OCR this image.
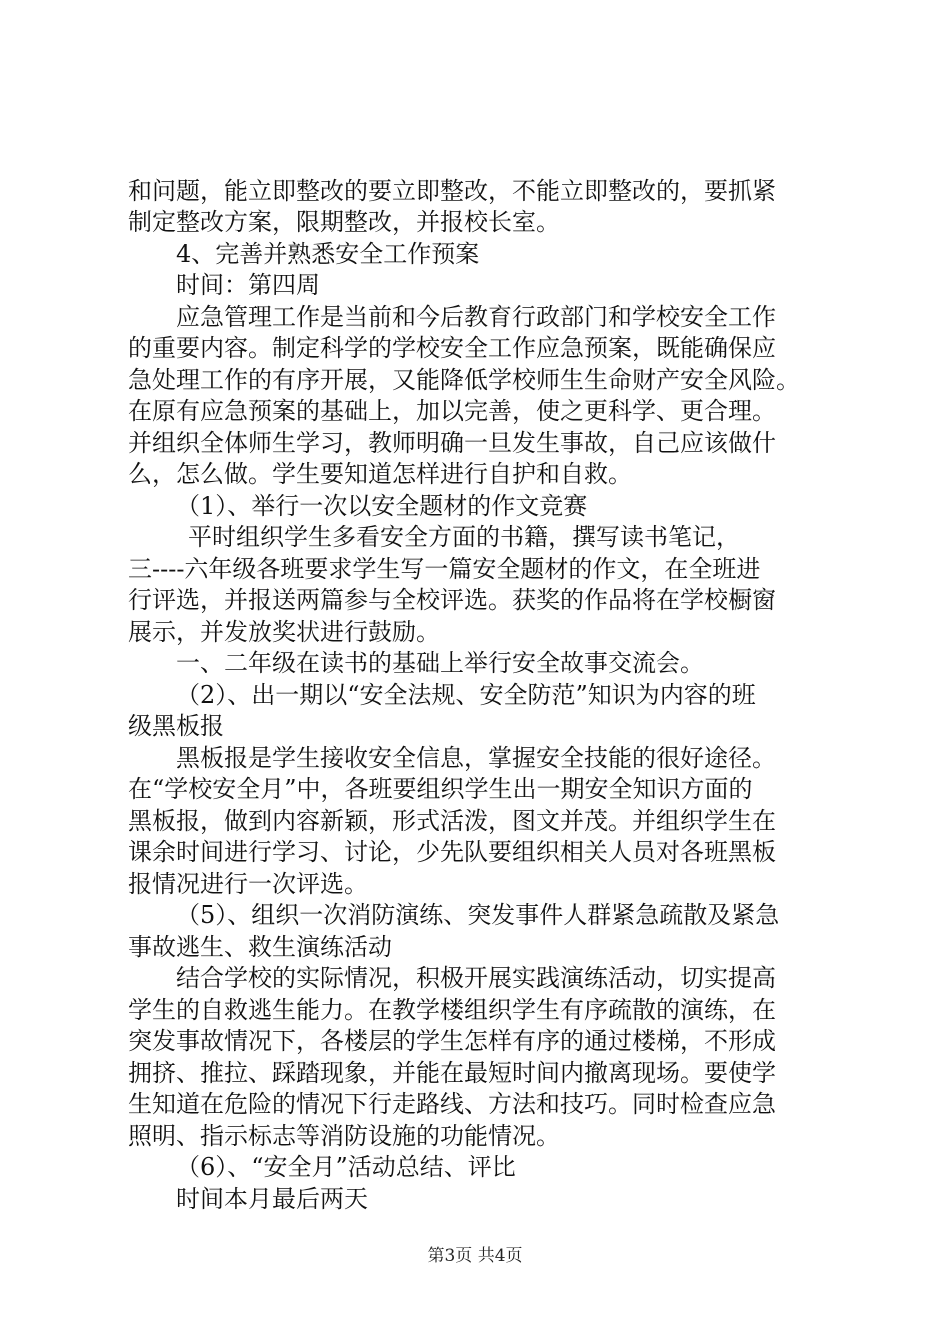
和问题，能立即整改的要立即整改，不能立即整改的，要抓紧
制定整改方案，限期整改，并报校长室。
4、完善并熟悉安全工作预案
时间：第四周
应急管理工作是当前和今后教育行政部门和学校安全工作
的重要内容。制定科学的学校安全工作应急预案，既能确保应
急处理工作的有序开展，又能降低学校师生生命财产安全风险。
在原有应急预案的基础上，加以完善，使之更科学、更合理。
并组织全体师生学习，教师明确一旦发生事故，自己应该做什
么，怎么做。学生要知道怎样进行自护和自救。
（1）、举行一次以安全题材的作文竞赛
平时组织学生多看安全方面的书籍，撰写读书笔记，
三----六年级各班要求学生写一篇安全题材的作文，在全班进
行评选，并报送两篇参与全校评选。获奖的作品将在学校橱窗
展示，并发放奖状进行鼓励。
一、二年级在读书的基础上举行安全故事交流会。
（2）、出一期以“安全法规、安全防范”知识为内容的班
级黑板报
黑板报是学生接收安全信息，掌握安全技能的很好途径。
在“学校安全月”中，各班要组织学生出一期安全知识方面的
黑板报，做到内容新颖，形式活泼，图文并茂。并组织学生在
课余时间进行学习、讨论，少先队要组织相关人员对各班黑板
报情况进行一次评选。
（5）、组织一次消防演练、突发事件人群紧急疏散及紧急
事故逃生、救生演练活动
结合学校的实际情况，积极开展实践演练活动，切实提高
学生的自救逃生能力。在教学楼组织学生有序疏散的演练，在
突发事故情况下，各楼层的学生怎样有序的通过楼梯，不形成
拥挤、推拉、踩踏现象，并能在最短时间内撤离现场。要使学
生知道在危险的情况下行走路线、方法和技巧。同时检查应急
照明、指示标志等消防设施的功能情况。
（6）、“安全月”活动总结、评比
时间本月最后两天
第3页 共4页
